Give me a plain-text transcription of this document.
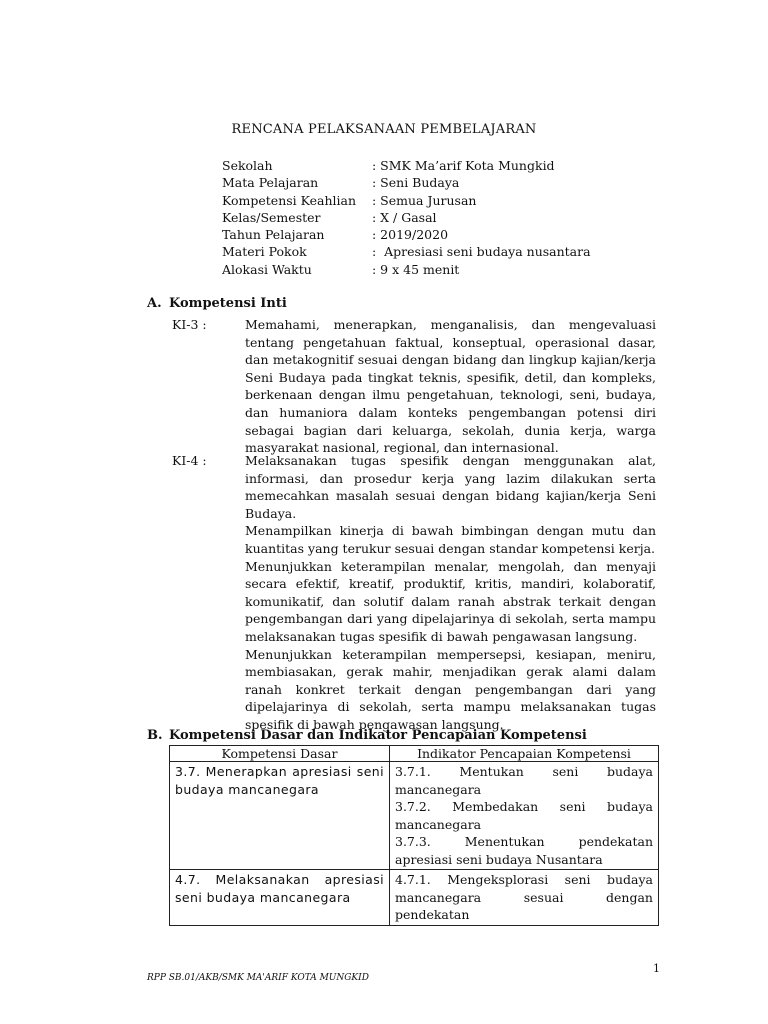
RENCANA PELAKSANAAN PEMBELAJARAN
Sekolah	: SMK Ma’arif Kota Mungkid
Mata Pelajaran	: Seni Budaya
Kompetensi Keahlian	: Semua Jurusan
Kelas/Semester	: X / Gasal
Tahun Pelajaran	: 2019/2020
Materi Pokok	:  Apresiasi seni budaya nusantara
Alokasi Waktu	: 9 x 45 menit
A. Kompetensi Inti
KI-3 :	Memahami, menerapkan, menganalisis, dan mengevaluasi tentang pengetahuan faktual, konseptual, operasional dasar, dan metakognitif sesuai dengan bidang dan lingkup kajian/kerja Seni Budaya pada tingkat teknis, spesifik, detil, dan kompleks, berkenaan dengan ilmu pengetahuan, teknologi, seni, budaya, dan humaniora dalam konteks pengembangan potensi diri sebagai bagian dari keluarga, sekolah, dunia kerja, warga masyarakat nasional, regional, dan internasional.

KI-4 :	Melaksanakan tugas spesifik dengan menggunakan alat, informasi, dan prosedur kerja yang lazim dilakukan serta memecahkan masalah sesuai dengan bidang kajian/kerja Seni Budaya.

Menampilkan kinerja di bawah bimbingan dengan mutu dan kuantitas yang terukur sesuai dengan standar kompetensi kerja.

Menunjukkan keterampilan menalar, mengolah, dan menyaji secara efektif, kreatif, produktif, kritis, mandiri, kolaboratif, komunikatif, dan solutif dalam ranah abstrak terkait dengan pengembangan dari yang dipelajarinya di sekolah, serta mampu melaksanakan tugas spesifik di bawah pengawasan langsung.

Menunjukkan keterampilan mempersepsi, kesiapan, meniru, membiasakan, gerak mahir, menjadikan gerak alami dalam ranah konkret terkait dengan pengembangan dari yang dipelajarinya di sekolah, serta mampu melaksanakan tugas spesifik di bawah pengawasan langsung.

B. Kompetensi Dasar dan Indikator Pencapaian Kompetensi
Kompetensi Dasar	Indikator Pencapaian Kompetensi
3.7. Menerapkan apresiasi seni budaya mancanegara	3.7.1. Mentukan seni budaya mancanegara

3.7.2. Membedakan seni budaya mancanegara

3.7.3. Menentukan pendekatan apresiasi seni budaya Nusantara

4.7. Melaksanakan apresiasi seni budaya mancanegara	4.7.1. Mengeksplorasi seni budaya mancanegara sesuai dengan pendekatan

1
RPP SB.01/AKB/SMK MA'ARIF KOTA MUNGKID
